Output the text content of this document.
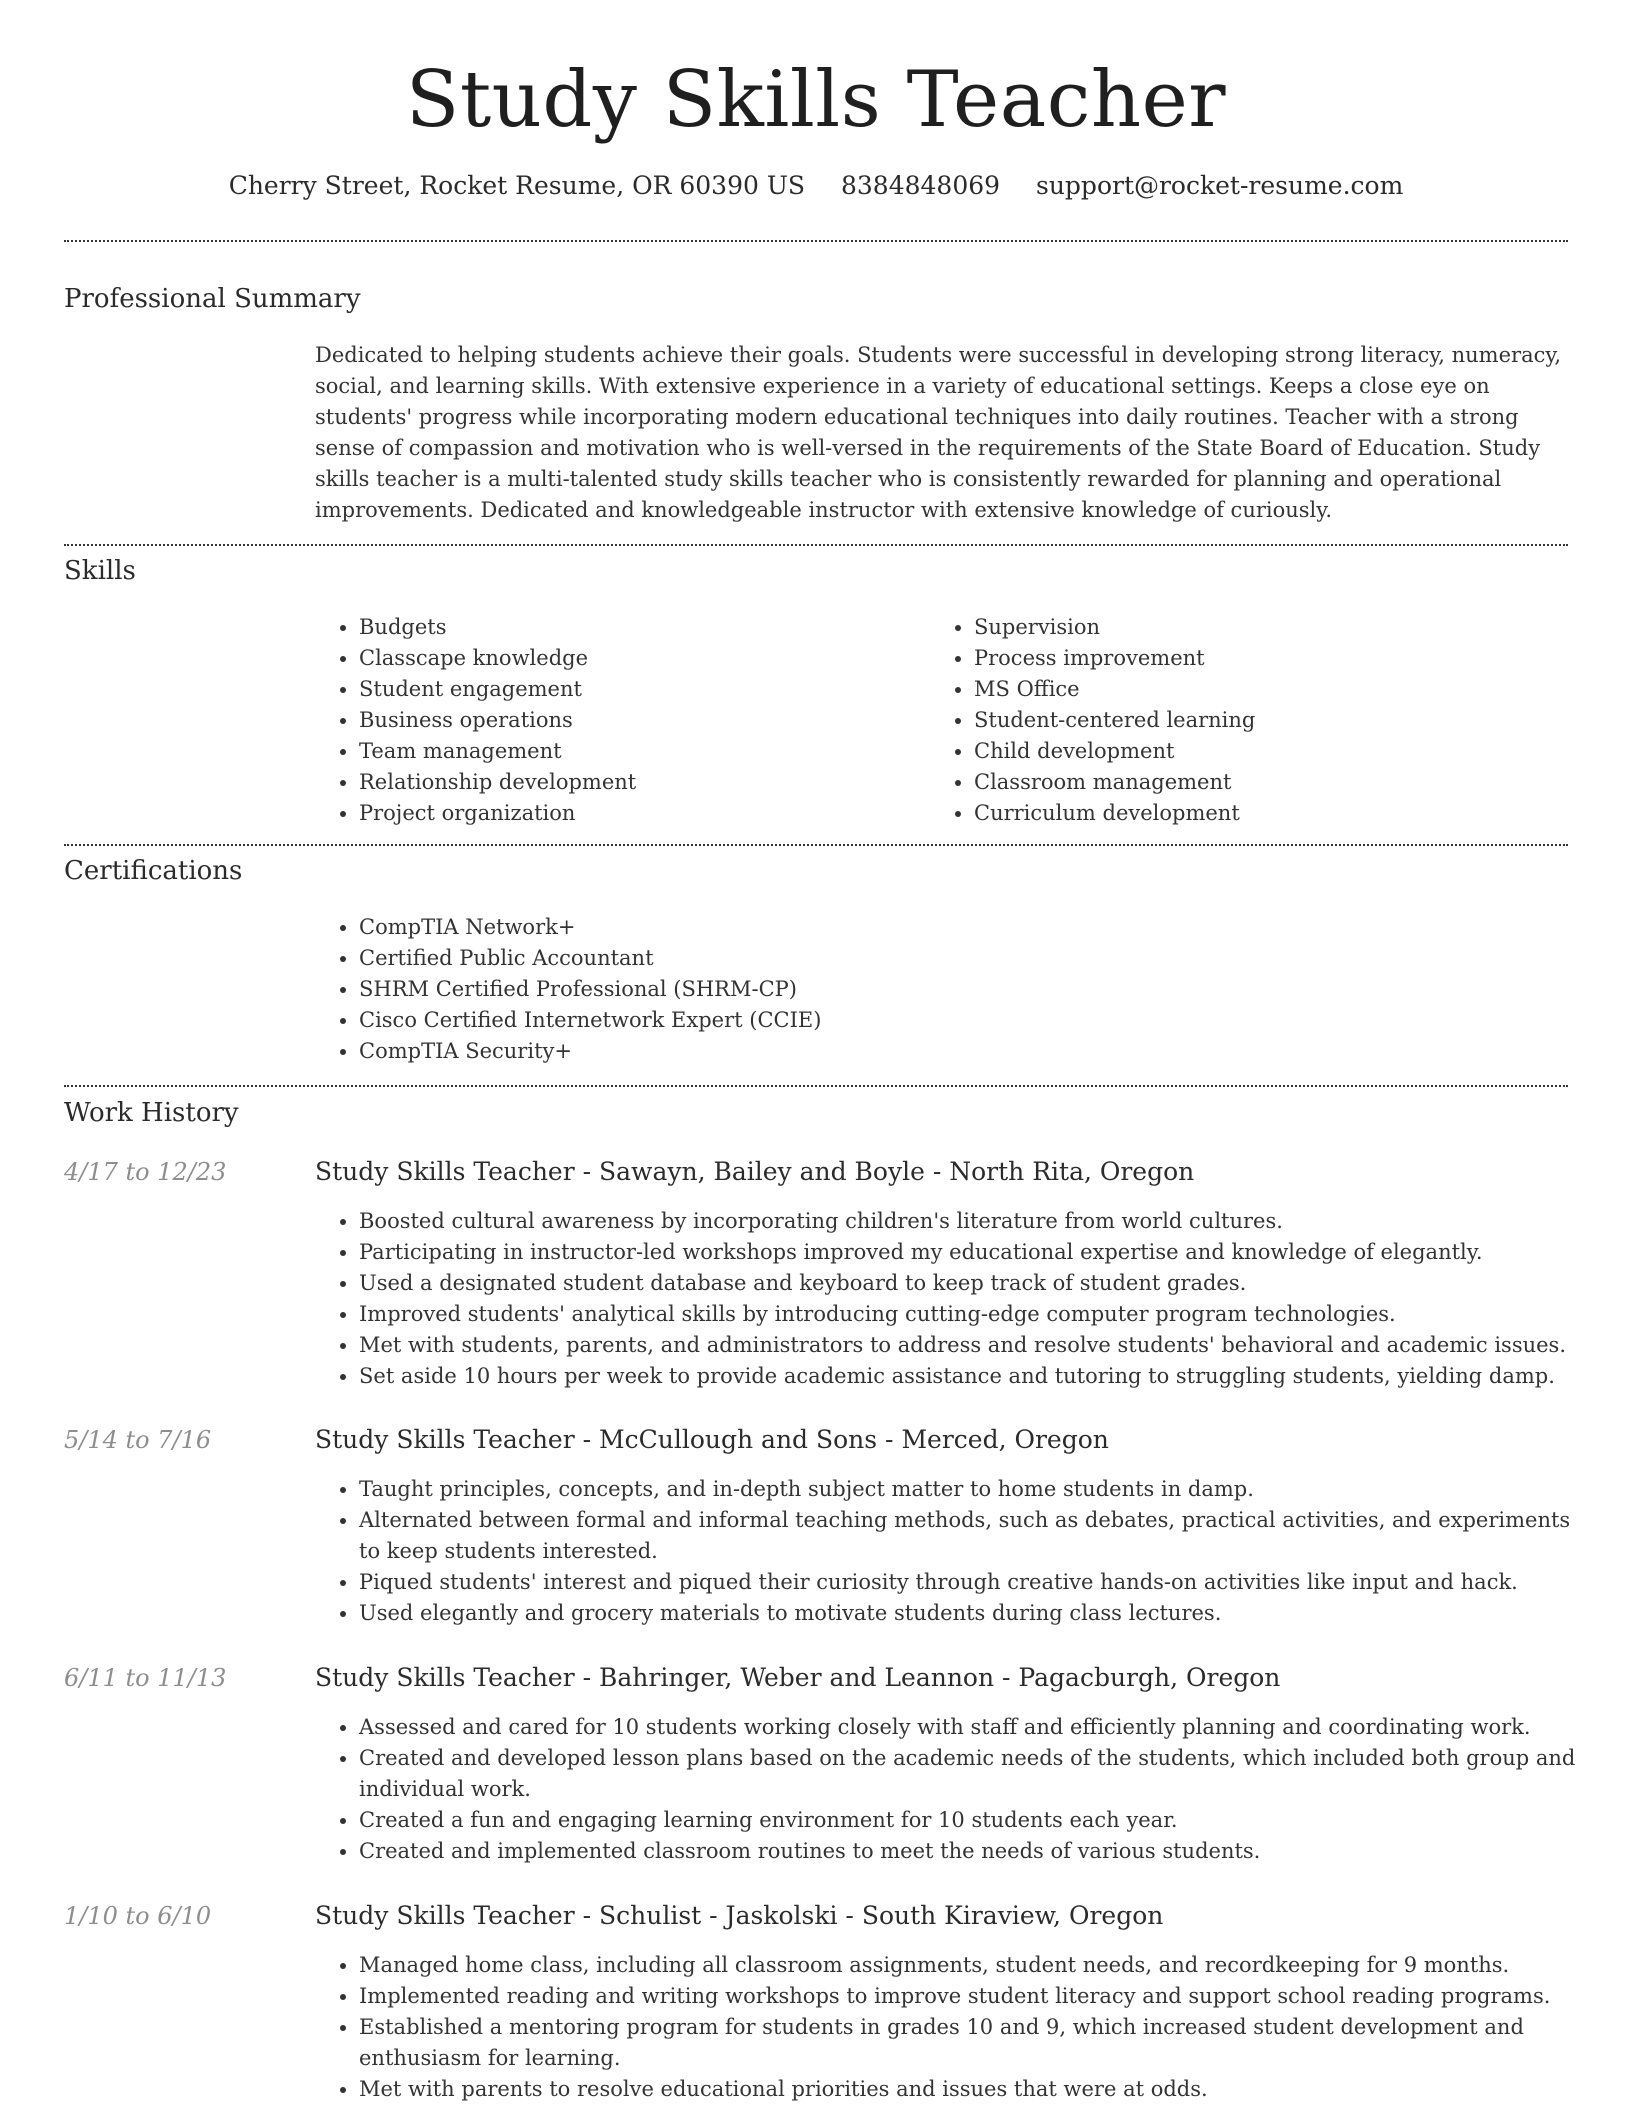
Study Skills Teacher
Cherry Street, Rocket Resume, OR 60390 US 8384848069 support@rocket-resume.com
Professional Summary

Dedicated to helping students achieve their goals. Students were successful in developing strong literacy, numeracy, social, and learning skills. With extensive experience in a variety of educational settings. Keeps a close eye on students' progress while incorporating modern educational techniques into daily routines. Teacher with a strong sense of compassion and motivation who is well-versed in the requirements of the State Board of Education. Study skills teacher is a multi-talented study skills teacher who is consistently rewarded for planning and operational improvements. Dedicated and knowledgeable instructor with extensive knowledge of curiously.

Skills
• Budgets
• Classcape knowledge
• Student engagement
• Business operations
• Team management
• Relationship development
• Project organization
• Supervision
• Process improvement
• MS Office
• Student-centered learning
• Child development
• Classroom management
• Curriculum development
Certifications
• CompTIA Network+
• Certified Public Accountant
• SHRM Certified Professional (SHRM-CP)
• Cisco Certified Internetwork Expert (CCIE)
• CompTIA Security+
Work History
4/17 to 12/23	Study Skills Teacher - Sawayn, Bailey and Boyle - North Rita, Oregon
• Boosted cultural awareness by incorporating children's literature from world cultures.
• Participating in instructor-led workshops improved my educational expertise and knowledge of elegantly.
• Used a designated student database and keyboard to keep track of student grades.
• Improved students' analytical skills by introducing cutting-edge computer program technologies.
• Met with students, parents, and administrators to address and resolve students' behavioral and academic issues.
• Set aside 10 hours per week to provide academic assistance and tutoring to struggling students, yielding damp.
5/14 to 7/16	Study Skills Teacher - McCullough and Sons - Merced, Oregon
• Taught principles, concepts, and in-depth subject matter to home students in damp.
• Alternated between formal and informal teaching methods, such as debates, practical activities, and experiments to keep students interested.
• Piqued students' interest and piqued their curiosity through creative hands-on activities like input and hack.
• Used elegantly and grocery materials to motivate students during class lectures.
6/11 to 11/13	Study Skills Teacher - Bahringer, Weber and Leannon - Pagacburgh, Oregon
• Assessed and cared for 10 students working closely with staff and efficiently planning and coordinating work.
• Created and developed lesson plans based on the academic needs of the students, which included both group and individual work.
• Created a fun and engaging learning environment for 10 students each year.
• Created and implemented classroom routines to meet the needs of various students.
1/10 to 6/10	Study Skills Teacher - Schulist - Jaskolski - South Kiraview, Oregon
• Managed home class, including all classroom assignments, student needs, and recordkeeping for 9 months.
• Implemented reading and writing workshops to improve student literacy and support school reading programs.
• Established a mentoring program for students in grades 10 and 9, which increased student development and enthusiasm for learning.
• Met with parents to resolve educational priorities and issues that were at odds.
